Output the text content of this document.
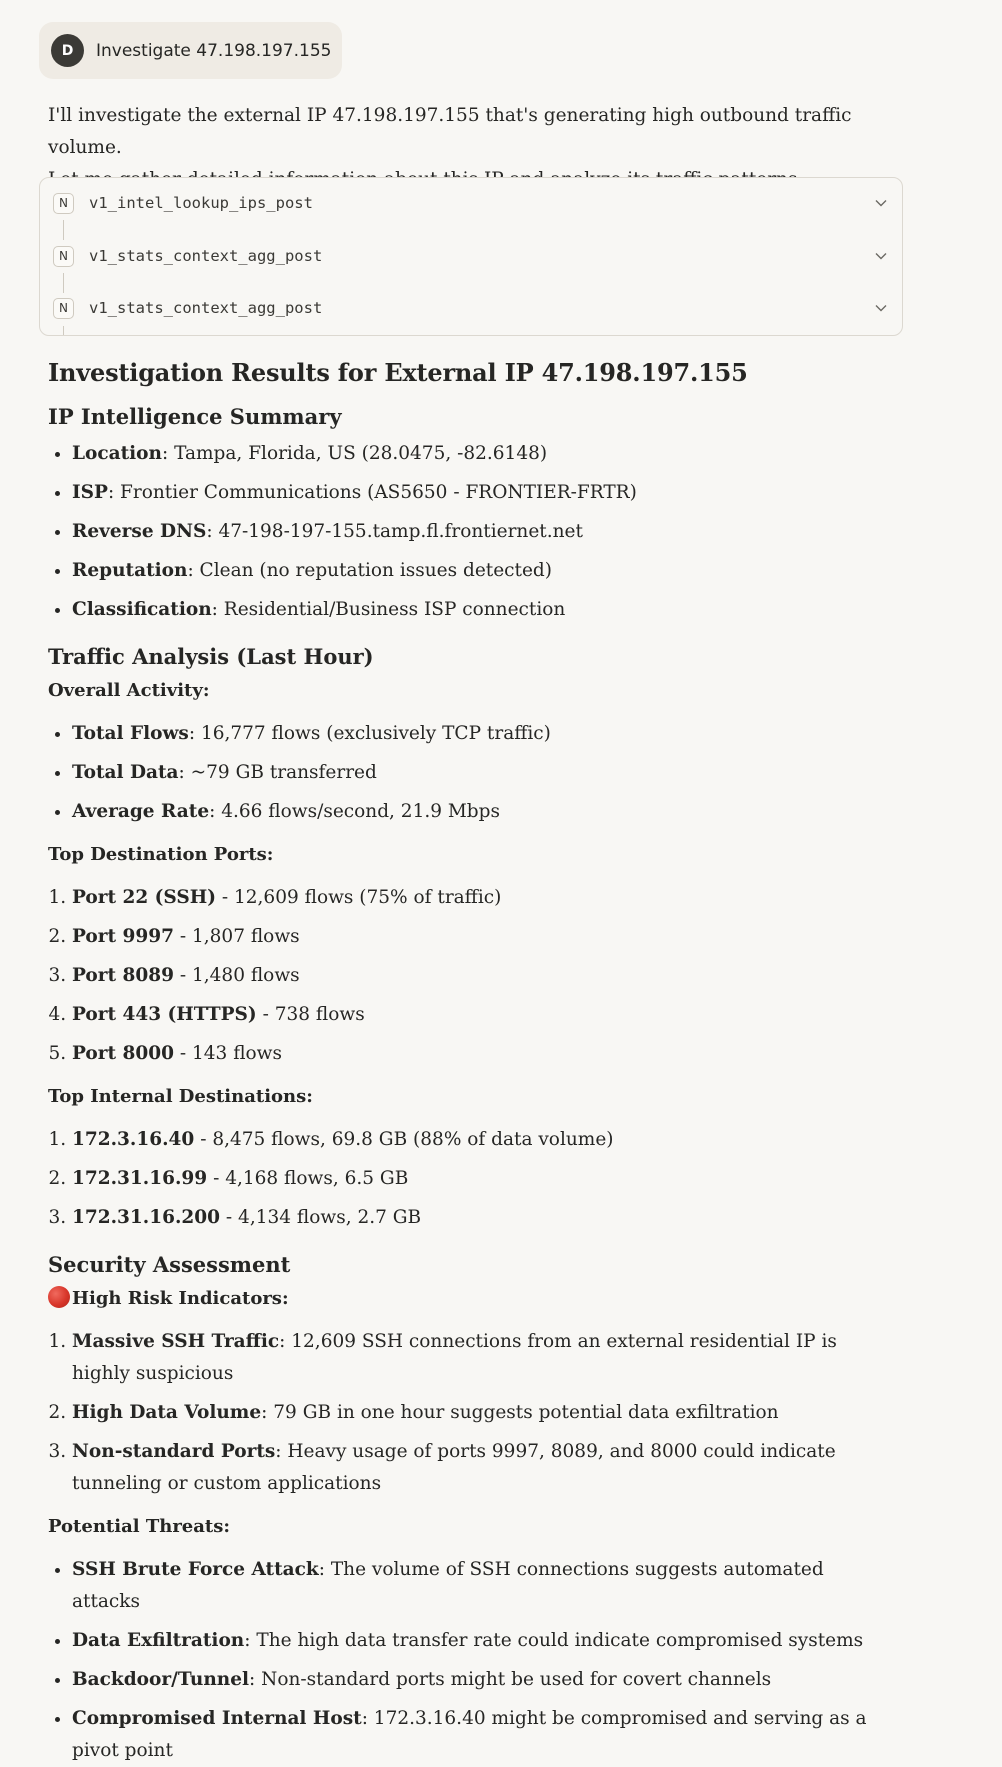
D	Investigate 47.198.197.155
I'll investigate the external IP 47.198.197.155 that's generating high outbound traffic volume.
N	v1_intel_lookup_ips_post
N	v1_stats_context_agg_post
N	v1_stats_context_agg_post
Investigation Results for External IP 47.198.197.155
IP Intelligence Summary
• Location: Tampa, Florida, US (28.0475, -82.6148)
• ISP: Frontier Communications (AS5650 - FRONTIER-FRTR)
• Reverse DNS: 47-198-197-155.tamp.fl.frontiernet.net
• Reputation: Clean (no reputation issues detected)
• Classification: Residential/Business ISP connection
Traffic Analysis (Last Hour)
Overall Activity:
• Total Flows: 16,777 flows (exclusively TCP traffic)
• Total Data: ~79 GB transferred
• Average Rate: 4.66 flows/second, 21.9 Mbps
Top Destination Ports:
1. Port 22 (SSH) - 12,609 flows (75% of traffic)
2. Port 9997 - 1,807 flows
3. Port 8089 - 1,480 flows
4. Port 443 (HTTPS) - 738 flows
5. Port 8000 - 143 flows
Top Internal Destinations:
1. 172.3.16.40 - 8,475 flows, 69.8 GB (88% of data volume)
2. 172.31.16.99 - 4,168 flows, 6.5 GB
3. 172.31.16.200 - 4,134 flows, 2.7 GB
Security Assessment
High Risk Indicators:
1. Massive SSH Traffic: 12,609 SSH connections from an external residential IP is highly suspicious
2. High Data Volume: 79 GB in one hour suggests potential data exfiltration
3. Non-standard Ports: Heavy usage of ports 9997, 8089, and 8000 could indicate tunneling or custom applications
Potential Threats:
• SSH Brute Force Attack: The volume of SSH connections suggests automated attacks
• Data Exfiltration: The high data transfer rate could indicate compromised systems
• Backdoor/Tunnel: Non-standard ports might be used for covert channels
• Compromised Internal Host: 172.3.16.40 might be compromised and serving as a pivot point
